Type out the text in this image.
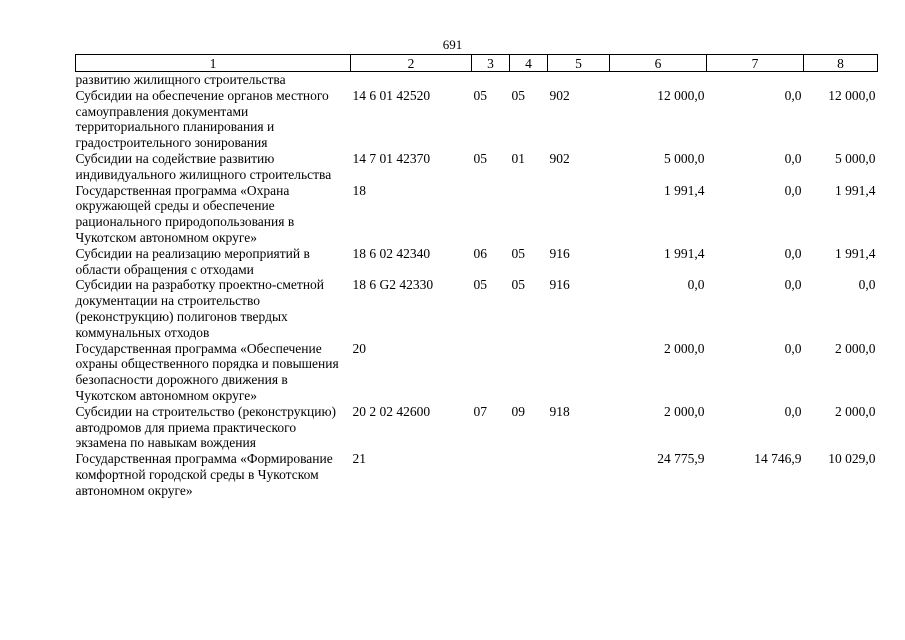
691
1	2	3	4	5	6	7	8
развитию жилищного строительства							
Субсидии на обеспечение органов местного самоуправления документами территориального планирования и градостроительного зонирования	14 6 01 42520	05	05	902	12 000,0	0,0	12 000,0
Субсидии на содействие развитию индивидуального жилищного строительства	14 7 01 42370	05	01	902	5 000,0	0,0	5 000,0
Государственная программа «Охрана окружающей среды и обеспечение рационального природопользования в Чукотском автономном округе»	18				1 991,4	0,0	1 991,4
Субсидии на реализацию мероприятий в области обращения с отходами	18 6 02 42340	06	05	916	1 991,4	0,0	1 991,4
Субсидии на разработку проектно-сметной документации на строительство (реконструкцию) полигонов твердых коммунальных отходов	18 6 G2 42330	05	05	916	0,0	0,0	0,0
Государственная программа «Обеспечение охраны общественного порядка и повышения безопасности дорожного движения в Чукотском автономном округе»	20				2 000,0	0,0	2 000,0
Субсидии на строительство (реконструкцию) автодромов для приема практического экзамена по навыкам вождения	20 2 02 42600	07	09	918	2 000,0	0,0	2 000,0
Государственная программа «Формирование комфортной городской среды в Чукотском автономном округе»	21				24 775,9	14 746,9	10 029,0
